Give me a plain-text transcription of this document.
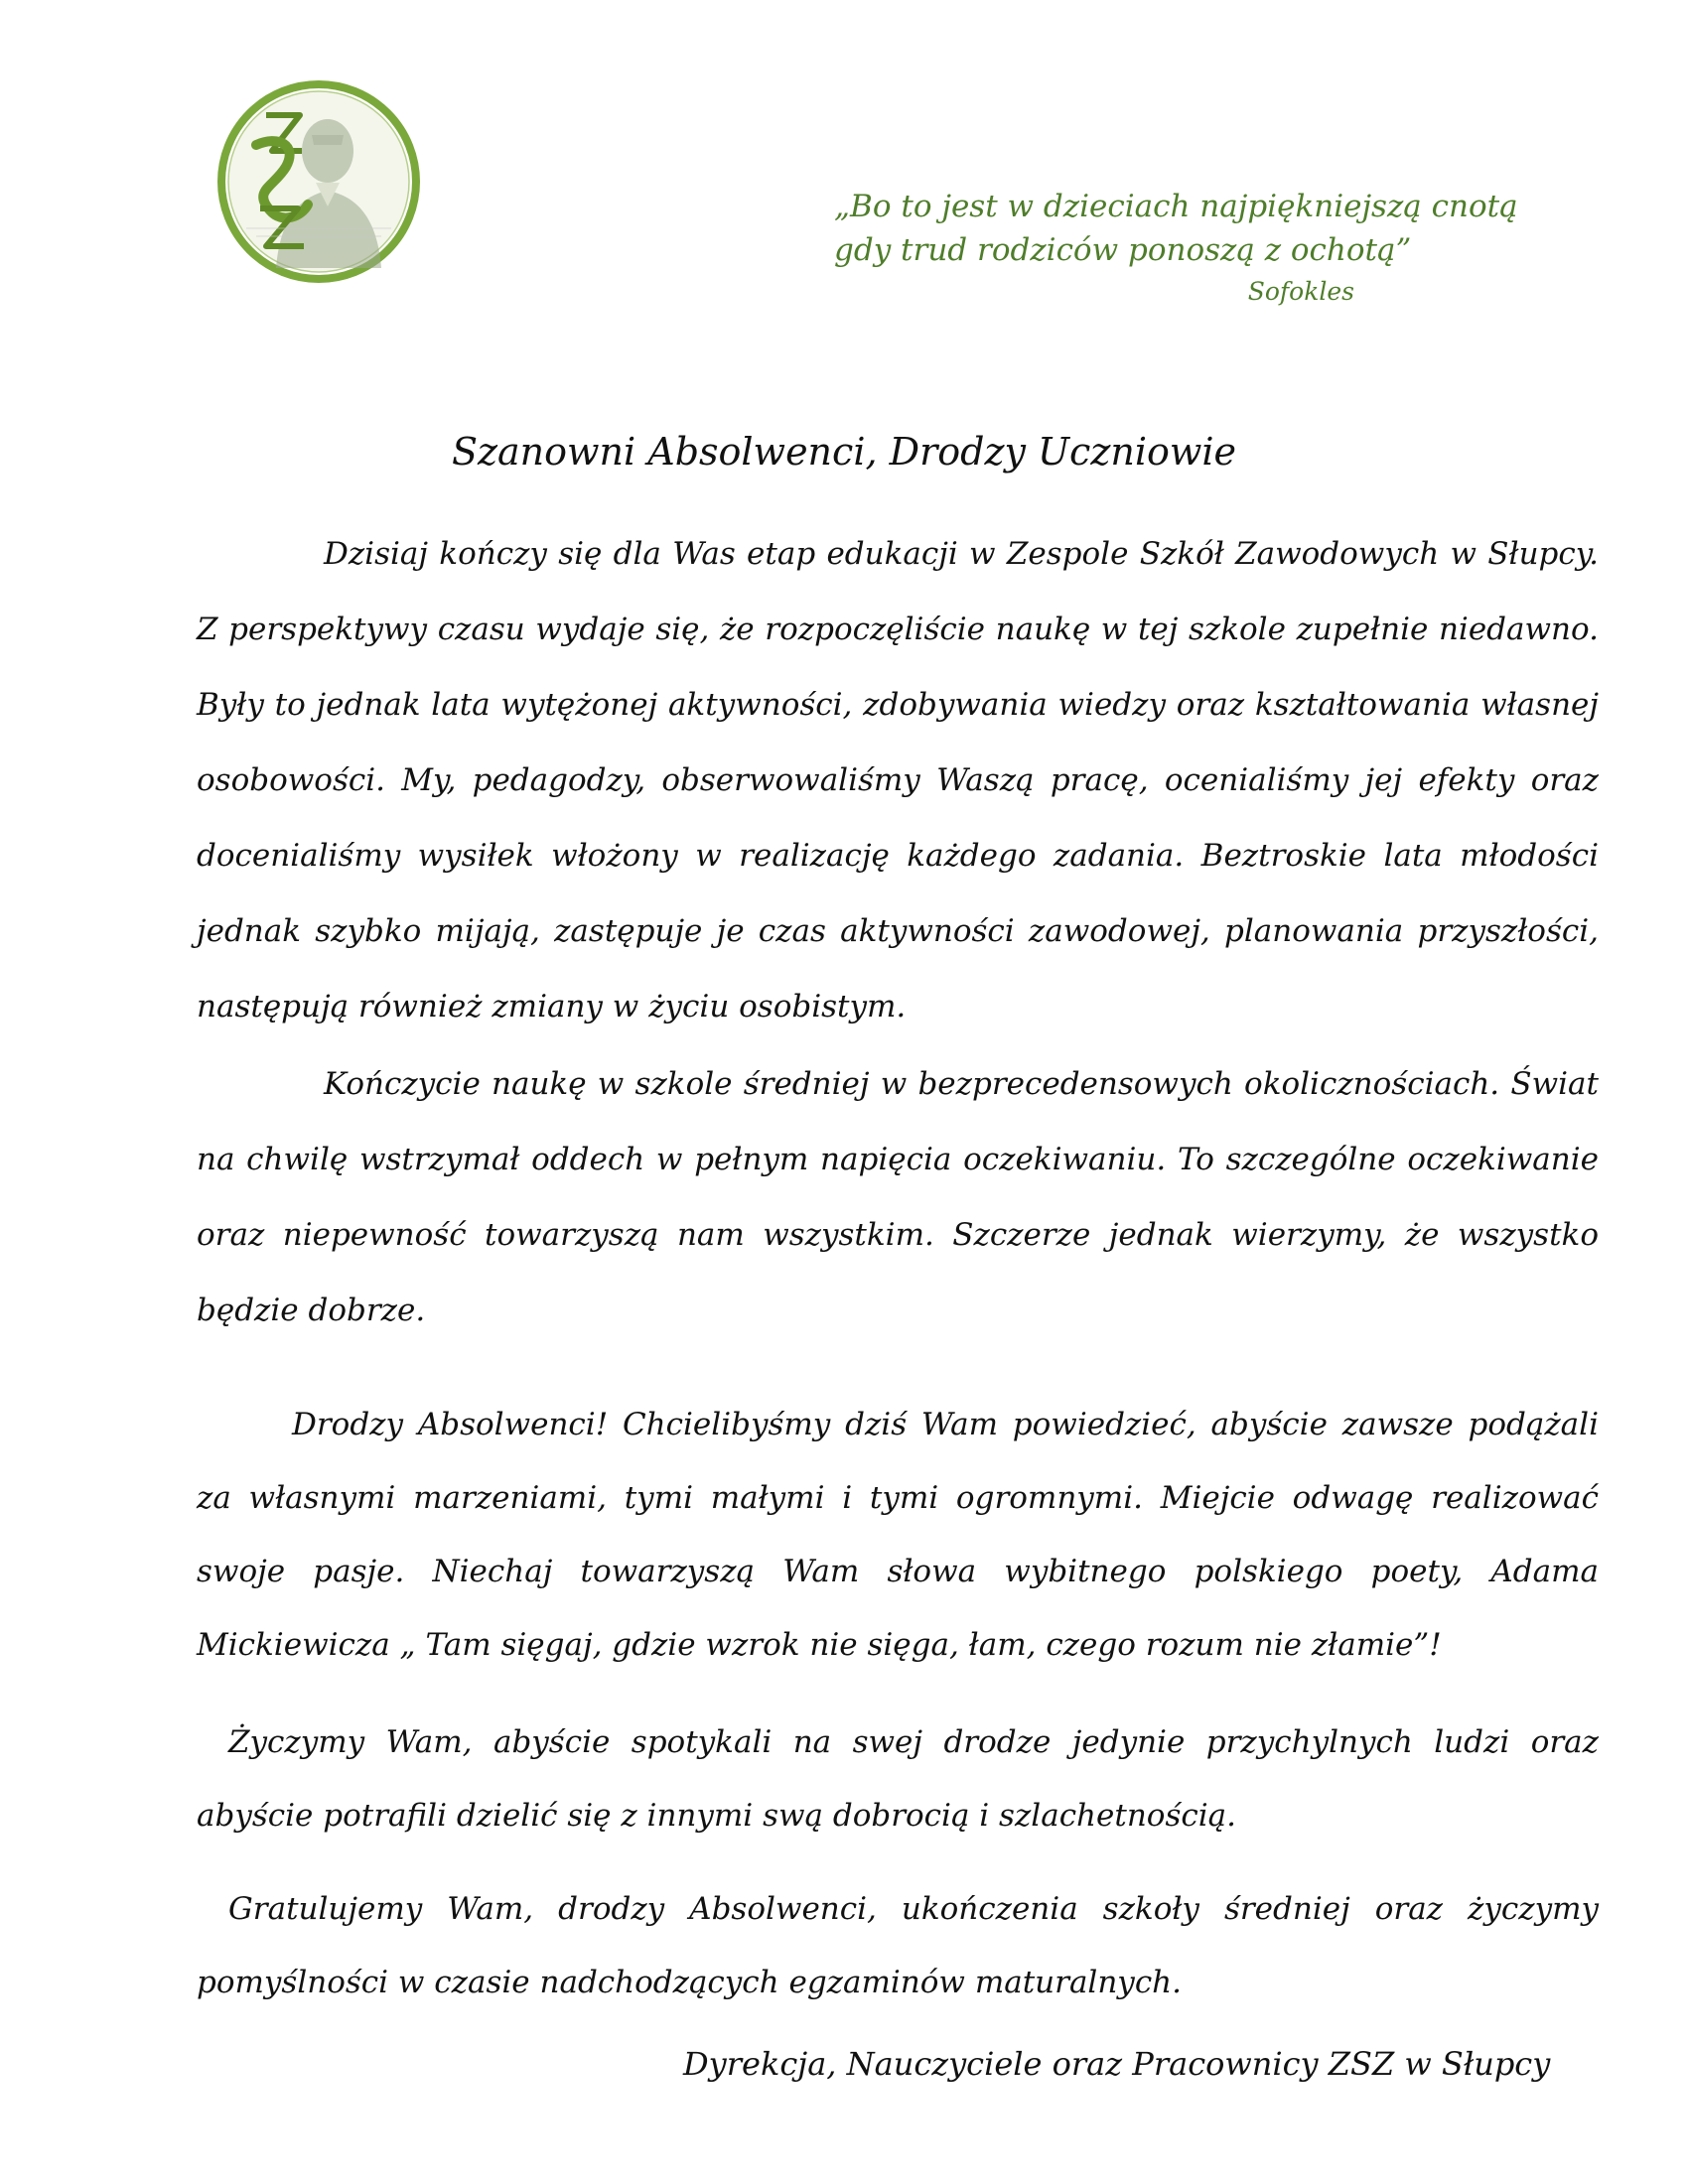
„Bo to jest w dzieciach najpiękniejszą cnotą
gdy trud rodziców ponoszą z ochotą”
Sofokles
Szanowni Absolwenci, Drodzy Uczniowie

Dzisiaj kończy się dla Was etap edukacji w Zespole Szkół Zawodowych w Słupcy. Z perspektywy czasu wydaje się, że rozpoczęliście naukę w tej szkole zupełnie niedawno. Były to jednak lata wytężonej aktywności, zdobywania wiedzy oraz kształtowania własnej osobowości. My, pedagodzy, obserwowaliśmy Waszą pracę, ocenialiśmy jej efekty oraz docenialiśmy wysiłek włożony w realizację każdego zadania. Beztroskie lata młodości jednak szybko mijają, zastępuje je czas aktywności zawodowej, planowania przyszłości, następują również zmiany w życiu osobistym.

Kończycie naukę w szkole średniej w bezprecedensowych okolicznościach. Świat na chwilę wstrzymał oddech w pełnym napięcia oczekiwaniu. To szczególne oczekiwanie oraz niepewność towarzyszą nam wszystkim. Szczerze jednak wierzymy, że wszystko będzie dobrze.

Drodzy Absolwenci! Chcielibyśmy dziś Wam powiedzieć, abyście zawsze podążali za własnymi marzeniami, tymi małymi i tymi ogromnymi. Miejcie odwagę realizować swoje pasje. Niechaj towarzyszą Wam słowa wybitnego polskiego poety, Adama Mickiewicza „ Tam sięgaj, gdzie wzrok nie sięga, łam, czego rozum nie złamie”!

Życzymy Wam, abyście spotykali na swej drodze jedynie przychylnych ludzi oraz abyście potrafili dzielić się z innymi swą dobrocią i szlachetnością.

Gratulujemy Wam, drodzy Absolwenci, ukończenia szkoły średniej oraz życzymy pomyślności w czasie nadchodzących egzaminów maturalnych.

Dyrekcja, Nauczyciele oraz Pracownicy ZSZ w Słupcy
